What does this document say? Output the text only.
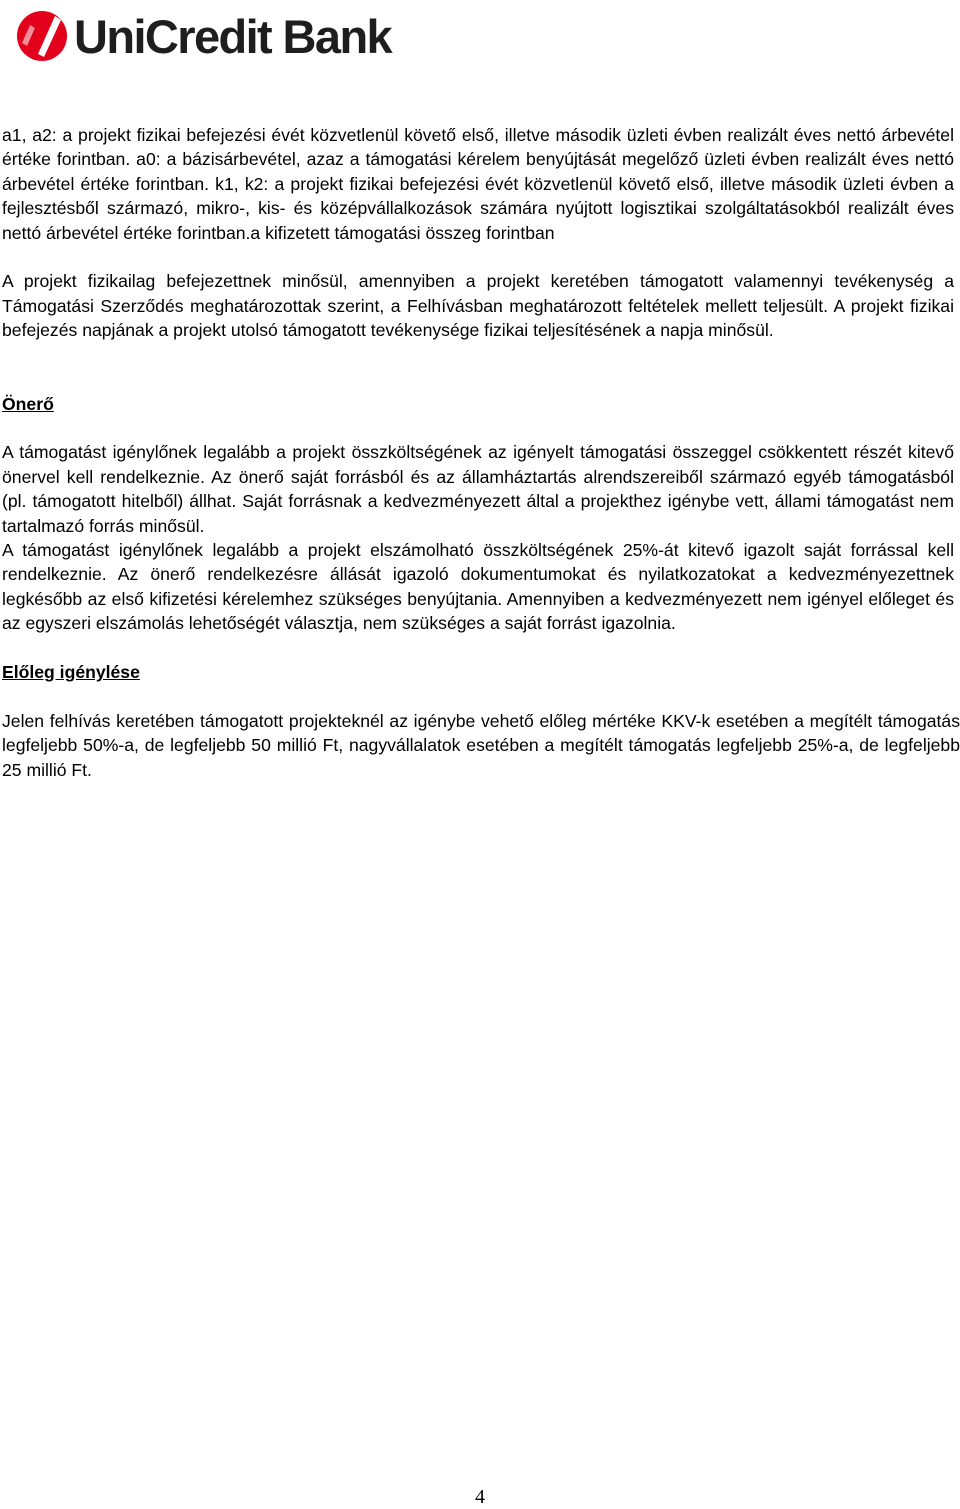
UniCredit Bank

a1, a2: a projekt fizikai befejezési évét közvetlenül követő első, illetve második üzleti évben realizált éves nettó árbevétel értéke forintban. a0: a bázisárbevétel, azaz a támogatási kérelem benyújtását megelőző üzleti évben realizált éves nettó árbevétel értéke forintban. k1, k2: a projekt fizikai befejezési évét közvetlenül követő első, illetve második üzleti évben a fejlesztésből származó, mikro-, kis- és középvállalkozások számára nyújtott logisztikai szolgáltatásokból realizált éves nettó árbevétel értéke forintban.a kifizetett támogatási összeg forintban

A projekt fizikailag befejezettnek minősül, amennyiben a projekt keretében támogatott valamennyi tevékenység a Támogatási Szerződés meghatározottak szerint, a Felhívásban meghatározott feltételek mellett teljesült. A projekt fizikai befejezés napjának a projekt utolsó támogatott tevékenysége fizikai teljesítésének a napja minősül.

Önerő

A támogatást igénylőnek legalább a projekt összköltségének az igényelt támogatási összeggel csökkentett részét kitevő önervel kell rendelkeznie. Az önerő saját forrásból és az államháztartás alrendszereiből származó egyéb támogatásból (pl. támogatott hitelből) állhat. Saját forrásnak a kedvezményezett által a projekthez igénybe vett, állami támogatást nem tartalmazó forrás minősül.

A támogatást igénylőnek legalább a projekt elszámolható összköltségének 25%-át kitevő igazolt saját forrással kell rendelkeznie. Az önerő rendelkezésre állását igazoló dokumentumokat és nyilatkozatokat a kedvezményezettnek legkésőbb az első kifizetési kérelemhez szükséges benyújtania. Amennyiben a kedvezményezett nem igényel előleget és az egyszeri elszámolás lehetőségét választja, nem szükséges a saját forrást igazolnia.

Előleg igénylése

Jelen felhívás keretében támogatott projekteknél az igénybe vehető előleg mértéke KKV-k esetében a megítélt támogatás legfeljebb 50%-a, de legfeljebb 50 millió Ft, nagyvállalatok esetében a megítélt támogatás legfeljebb 25%-a, de legfeljebb 25 millió Ft.

4
